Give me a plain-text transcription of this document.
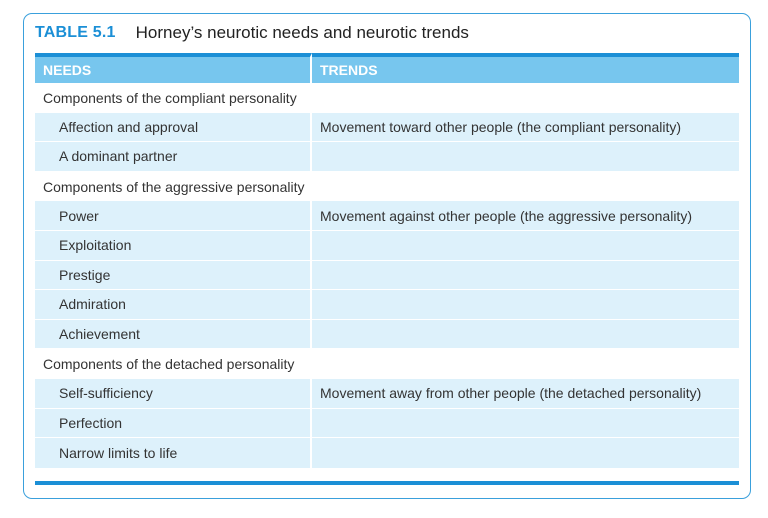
TABLE 5.1 Horney’s neurotic needs and neurotic trends
NEEDS	TRENDS
Components of the compliant personality	
Affection and approval	Movement toward other people (the compliant personality)
A dominant partner	
Components of the aggressive personality	
Power	Movement against other people (the aggressive personality)
Exploitation	
Prestige	
Admiration	
Achievement	
Components of the detached personality	
Self-sufficiency	Movement away from other people (the detached personality)
Perfection	
Narrow limits to life	
